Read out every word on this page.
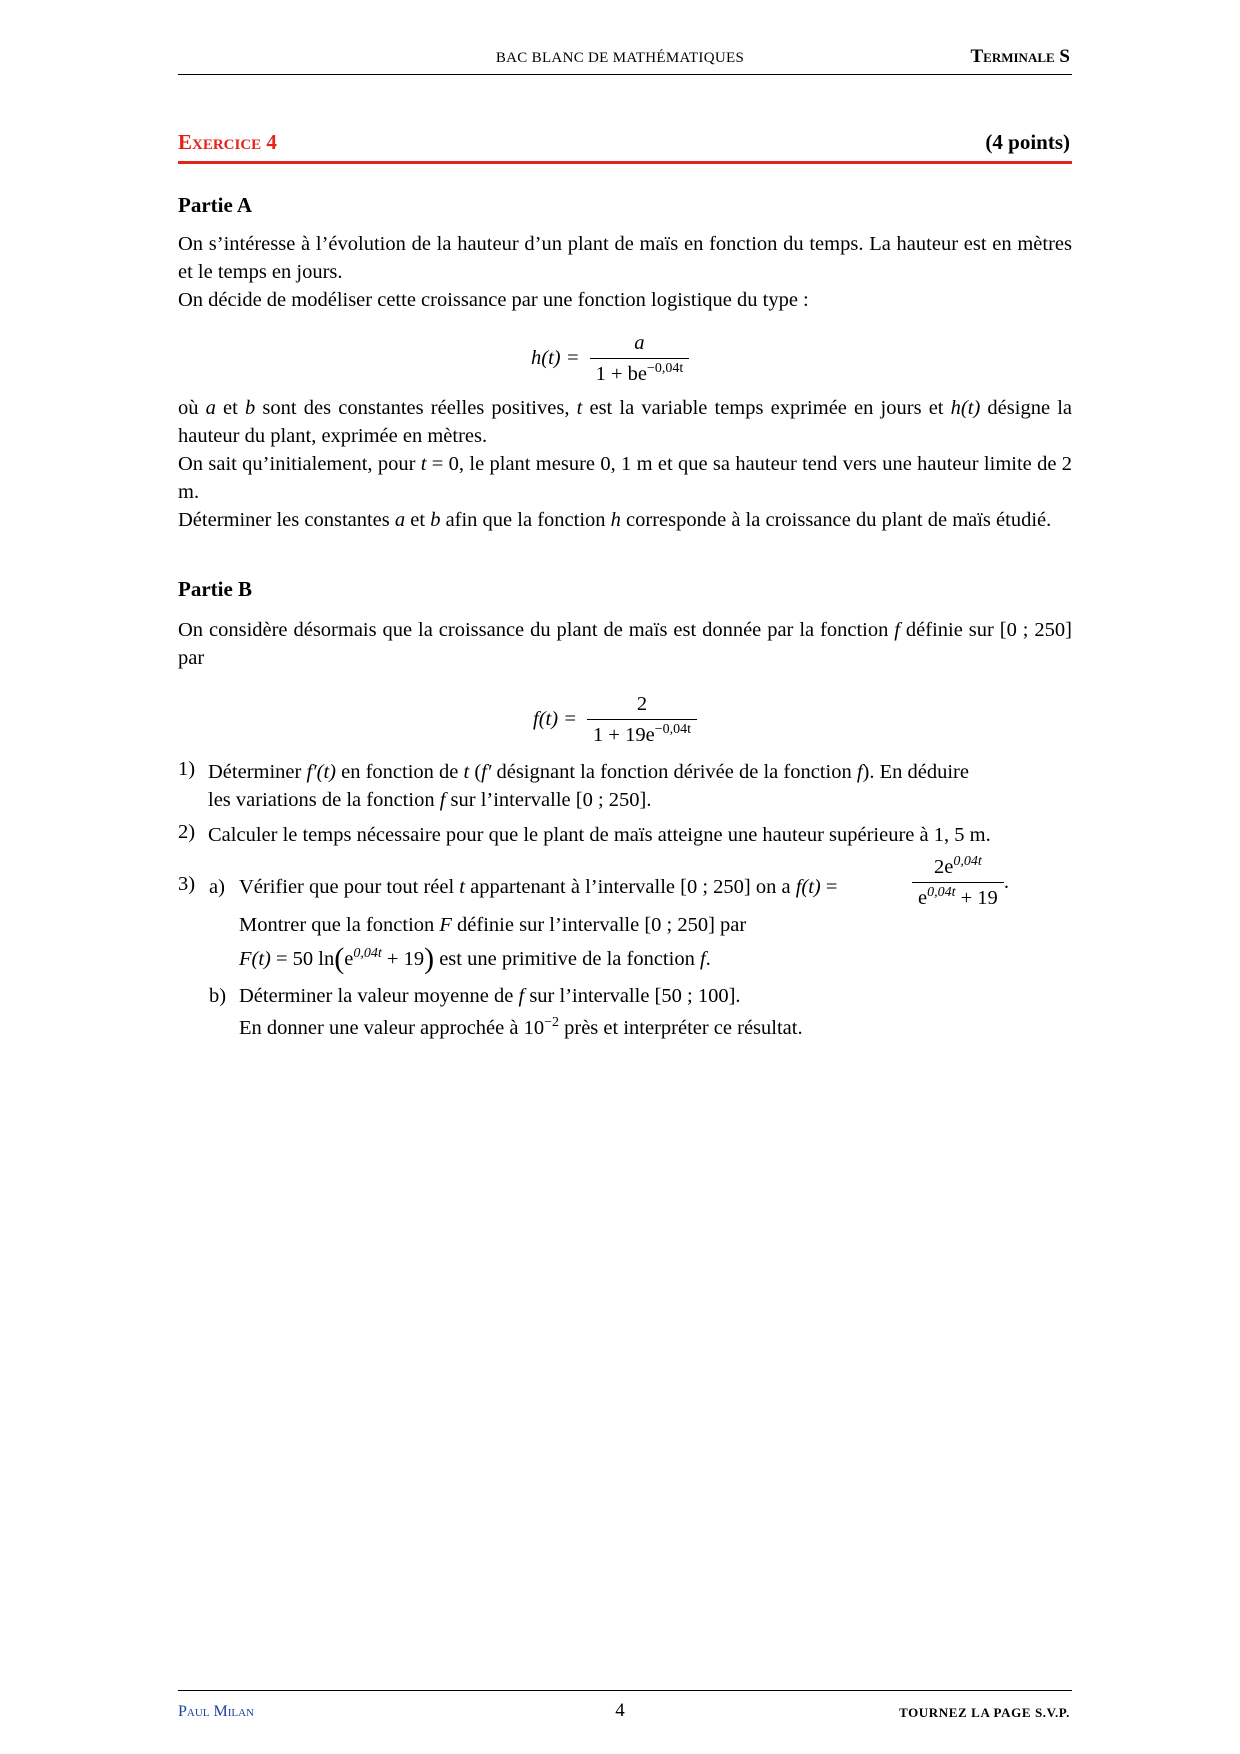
BAC BLANC DE MATHÉMATIQUES	Terminale S
Exercice 4	(4 points)
Partie A

On s’intéresse à l’évolution de la hauteur d’un plant de maïs en fonction du temps. La hauteur est en mètres et le temps en jours.

On décide de modéliser cette croissance par une fonction logistique du type :

$h(t) = \frac{a}{1 + be^{-0,04t}}$

où a et b sont des constantes réelles positives, t est la variable temps exprimée en jours et h(t) désigne la hauteur du plant, exprimée en mètres.

On sait qu’initialement, pour t = 0, le plant mesure 0, 1 m et que sa hauteur tend vers une hauteur limite de 2 m.

Déterminer les constantes a et b afin que la fonction h corresponde à la croissance du plant de maïs étudié.

Partie B

On considère désormais que la croissance du plant de maïs est donnée par la fonction f définie sur [0 ; 250] par

$f(t) = \frac{2}{1 + 19e^{-0,04t}}$
1) Déterminer f′(t) en fonction de t (f′ désignant la fonction dérivée de la fonction f). En déduire
les variations de la fonction f sur l’intervalle [0 ; 250].
2) Calculer le temps nécessaire pour que le plant de maïs atteigne une hauteur supérieure à 1, 5 m.
3) a) Vérifier que pour tout réel t appartenant à l’intervalle [0 ; 250] on a f(t) =	$\frac{2e^{0,04t}}{e^{0,04t} + 19}$ .
Montrer que la fonction F définie sur l’intervalle [0 ; 250] par
F(t) = 50 $\ln(e^{0,04t} + 19)$ est une primitive de la fonction f.
b) Déterminer la valeur moyenne de f sur l’intervalle [50 ; 100].
En donner une valeur approchée à $10^{-2}$ près et interpréter ce résultat.
Paul Milan	4	TOURNEZ LA PAGE S.V.P.
